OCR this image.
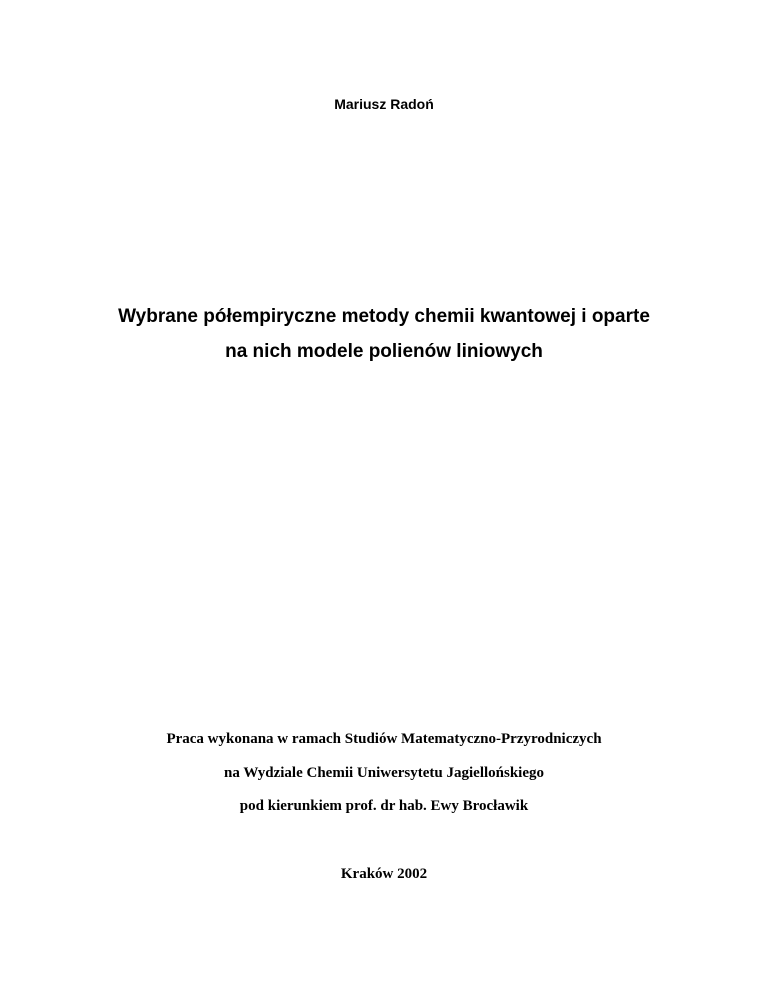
Mariusz Radoń
Wybrane półempiryczne metody chemii kwantowej i oparte
na nich modele polienów liniowych
Praca wykonana w ramach Studiów Matematyczno-Przyrodniczych
na Wydziale Chemii Uniwersytetu Jagiellońskiego
pod kierunkiem prof. dr hab. Ewy Brocławik
Kraków 2002
